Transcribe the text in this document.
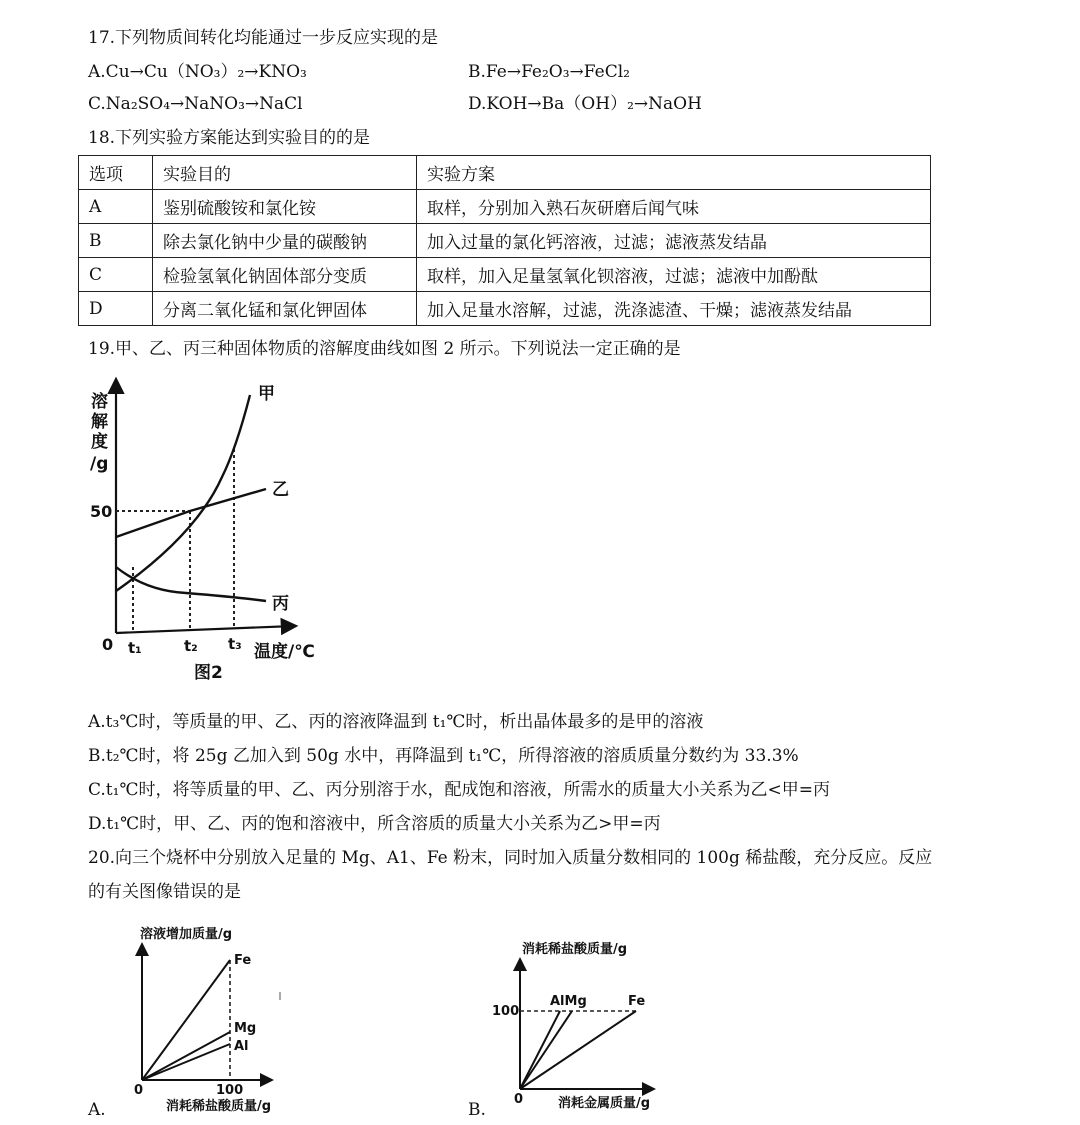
17.下列物质间转化均能通过一步反应实现的是
A.Cu→Cu（NO₃）₂→KNO₃	B.Fe→Fe₂O₃→FeCl₂
C.Na₂SO₄→NaNO₃→NaCl	D.KOH→Ba（OH）₂→NaOH
18.下列实验方案能达到实验目的的是
选项	实验目的	实验方案
A	鉴别硫酸铵和氯化铵	取样，分别加入熟石灰研磨后闻气味
B	除去氯化钠中少量的碳酸钠	加入过量的氯化钙溶液，过滤；滤液蒸发结晶
C	检验氢氧化钠固体部分变质	取样，加入足量氢氧化钡溶液，过滤；滤液中加酚酞
D	分离二氧化锰和氯化钾固体	加入足量水溶解，过滤，洗涤滤渣、干燥；滤液蒸发结晶
19.甲、乙、丙三种固体物质的溶解度曲线如图 2 所示。下列说法一定正确的是
溶
解
度
/g
50
0 t₁	t₂ t₃ 温度/℃
甲
乙
丙
图2
A.t₃℃时，等质量的甲、乙、丙的溶液降温到 t₁℃时，析出晶体最多的是甲的溶液
B.t₂℃时，将 25g 乙加入到 50g 水中，再降温到 t₁℃，所得溶液的溶质质量分数约为 33.3%
C.t₁℃时，将等质量的甲、乙、丙分别溶于水，配成饱和溶液，所需水的质量大小关系为乙<甲=丙
D.t₁℃时，甲、乙、丙的饱和溶液中，所含溶质的质量大小关系为乙>甲=丙
20.向三个烧杯中分别放入足量的 Mg、A1、Fe 粉末，同时加入质量分数相同的 100g 稀盐酸，充分反应。反应
的有关图像错误的是
溶液增加质量/g
Fe
Mg
Al
0	100
消耗稀盐酸质量/g
A.
消耗稀盐酸质量/g
AlMg	Fe
100
0	消耗金属质量/g
B.
